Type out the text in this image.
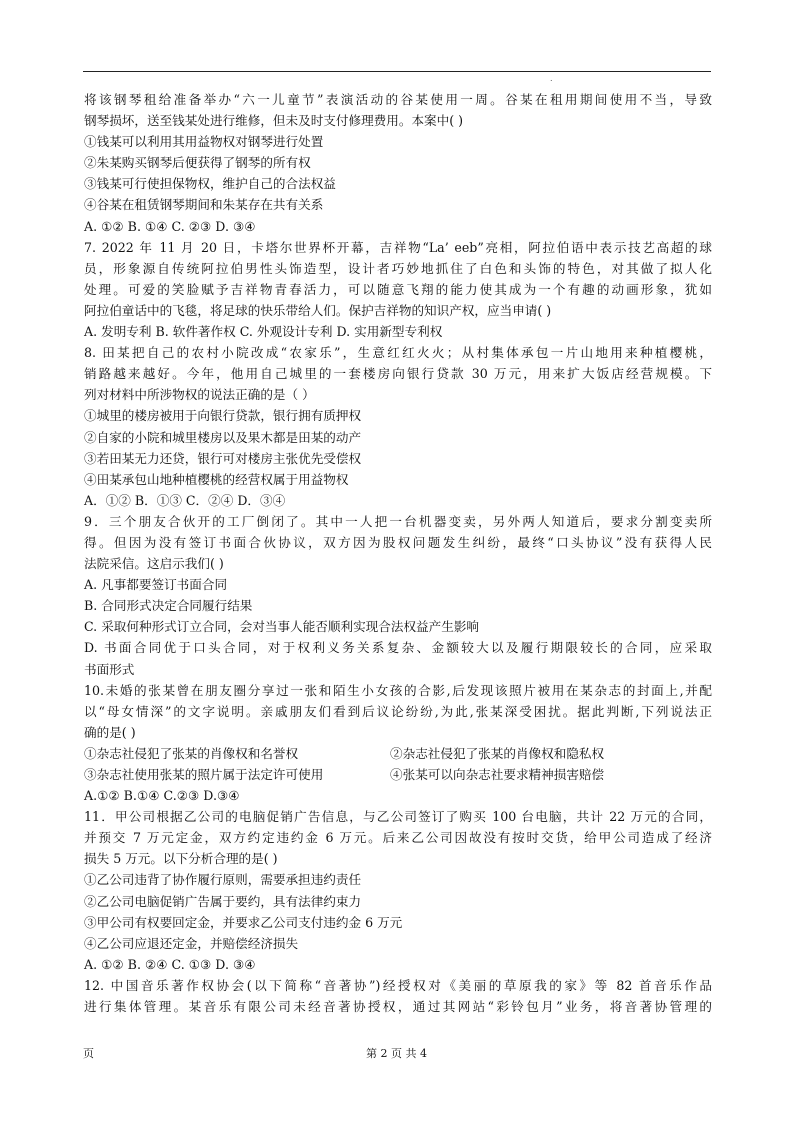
.
将该钢琴租给准备举办“六一儿童节”表演活动的谷某使用一周。谷某在租用期间使用不当，导致
钢琴损坏，送至钱某处进行维修，但未及时支付修理费用。本案中( )
①钱某可以利用其用益物权对钢琴进行处置
②朱某购买钢琴后便获得了钢琴的所有权
③钱某可行使担保物权，维护自己的合法权益
④谷某在租赁钢琴期间和朱某存在共有关系
A. ①② B. ①④ C. ②③ D. ③④
7. 2022 年 11 月 20 日，卡塔尔世界杯开幕，吉祥物“La’ eeb”亮相，阿拉伯语中表示技艺高超的球
员，形象源自传统阿拉伯男性头饰造型，设计者巧妙地抓住了白色和头饰的特色，对其做了拟人化
处理。可爱的笑脸赋予吉祥物青春活力，可以随意飞翔的能力使其成为一个有趣的动画形象，犹如
阿拉伯童话中的飞毯，将足球的快乐带给人们。保护吉祥物的知识产权，应当申请( )
A. 发明专利 B. 软件著作权 C. 外观设计专利 D. 实用新型专利权
8. 田某把自己的农村小院改成“农家乐”，生意红红火火；从村集体承包一片山地用来种植樱桃，
销路越来越好。今年，他用自己城里的一套楼房向银行贷款 30 万元，用来扩大饭店经营规模。下
列对材料中所涉物权的说法正确的是（ ）
①城里的楼房被用于向银行贷款，银行拥有质押权
②自家的小院和城里楼房以及果木都是田某的动产
③若田某无力还贷，银行可对楼房主张优先受偿权
④田某承包山地种植樱桃的经营权属于用益物权
A．①② B．①③ C．②④ D．③④
9．三个朋友合伙开的工厂倒闭了。其中一人把一台机器变卖，另外两人知道后，要求分割变卖所
得。但因为没有签订书面合伙协议，双方因为股权问题发生纠纷，最终“口头协议”没有获得人民
法院采信。这启示我们( )
A. 凡事都要签订书面合同
B. 合同形式决定合同履行结果
C. 采取何种形式订立合同，会对当事人能否顺利实现合法权益产生影响
D. 书面合同优于口头合同，对于权利义务关系复杂、金额较大以及履行期限较长的合同，应采取
书面形式
10.未婚的张某曾在朋友圈分享过一张和陌生小女孩的合影,后发现该照片被用在某杂志的封面上,并配
以“母女情深”的文字说明。亲戚朋友们看到后议论纷纷,为此,张某深受困扰。据此判断,下列说法正
确的是( )
①杂志社侵犯了张某的肖像权和名誉权	②杂志社侵犯了张某的肖像权和隐私权
③杂志社使用张某的照片属于法定许可使用	④张某可以向杂志社要求精神损害赔偿
A.①② B.①④ C.②③ D.③④
11．甲公司根据乙公司的电脑促销广告信息，与乙公司签订了购买 100 台电脑，共计 22 万元的合同，
并预交 7 万元定金，双方约定违约金 6 万元。后来乙公司因故没有按时交货，给甲公司造成了经济
损失 5 万元。以下分析合理的是( )
①乙公司违背了协作履行原则，需要承担违约责任
②乙公司电脑促销广告属于要约，具有法律约束力
③甲公司有权要回定金，并要求乙公司支付违约金 6 万元
④乙公司应退还定金，并赔偿经济损失
A. ①② B. ②④ C. ①③ D. ③④
12. 中国音乐著作权协会(以下简称“音著协”)经授权对《美丽的草原我的家》等 82 首音乐作品
进行集体管理。某音乐有限公司未经音著协授权，通过其网站“彩铃包月”业务，将音著协管理的
页	第 2 页 共 4
